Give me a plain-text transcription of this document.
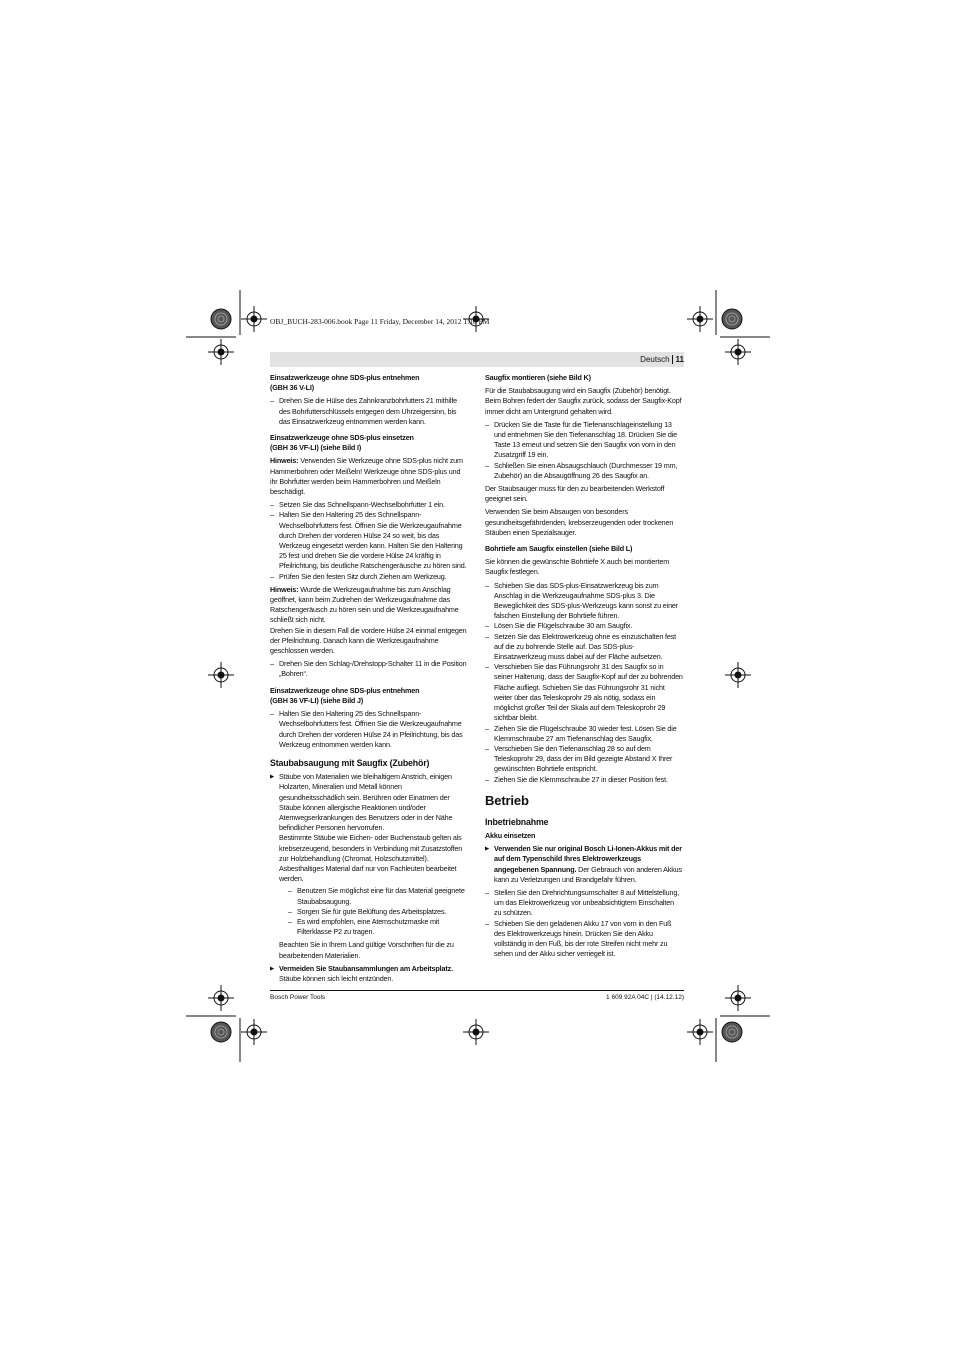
OBJ_BUCH-283-006.book Page 11 Friday, December 14, 2012 1:10 PM
Deutsch 11

Einsatzwerkzeuge ohne SDS-plus entnehmen
(GBH 36 V-LI)

– Drehen Sie die Hülse des Zahnkranzbohrfutters 21 mithilfe des Bohrfutterschlüssels entgegen dem Uhrzeigersinn, bis das Einsatzwerkzeug entnommen werden kann.

Einsatzwerkzeuge ohne SDS-plus einsetzen
(GBH 36 VF-LI) (siehe Bild I)

Hinweis: Verwenden Sie Werkzeuge ohne SDS-plus nicht zum Hammerbohren oder Meißeln! Werkzeuge ohne SDS-plus und ihr Bohrfutter werden beim Hammerbohren und Meißeln beschädigt.

– Setzen Sie das Schnellspann-Wechselbohrfutter 1 ein.
– Halten Sie den Haltering 25 des Schnellspann-Wechselbohrfutters fest. Öffnen Sie die Werkzeugaufnahme durch Drehen der vorderen Hülse 24 so weit, bis das Werkzeug eingesetzt werden kann. Halten Sie den Haltering 25 fest und drehen Sie die vordere Hülse 24 kräftig in Pfeilrichtung, bis deutliche Ratschengeräusche zu hören sind.
– Prüfen Sie den festen Sitz durch Ziehen am Werkzeug.

Hinweis: Wurde die Werkzeugaufnahme bis zum Anschlag geöffnet, kann beim Zudrehen der Werkzeugaufnahme das Ratschengeräusch zu hören sein und die Werkzeugaufnahme schließt sich nicht.
Drehen Sie in diesem Fall die vordere Hülse 24 einmal entgegen der Pfeilrichtung. Danach kann die Werkzeugaufnahme geschlossen werden.

– Drehen Sie den Schlag-/Drehstopp-Schalter 11 in die Position „Bohren“.

Einsatzwerkzeuge ohne SDS-plus entnehmen
(GBH 36 VF-LI) (siehe Bild J)

– Halten Sie den Haltering 25 des Schnellspann-Wechselbohrfutters fest. Öffnen Sie die Werkzeugaufnahme durch Drehen der vorderen Hülse 24 in Pfeilrichtung, bis das Werkzeug entnommen werden kann.

Staubabsaugung mit Saugfix (Zubehör)

▶ Stäube von Materialien wie bleihaltigem Anstrich, einigen Holzarten, Mineralien und Metall können gesundheitsschädlich sein. Berühren oder Einatmen der Stäube können allergische Reaktionen und/oder Atemwegserkrankungen des Benutzers oder in der Nähe befindlicher Personen hervorrufen.
Bestimmte Stäube wie Eichen- oder Buchenstaub gelten als krebserzeugend, besonders in Verbindung mit Zusatzstoffen zur Holzbehandlung (Chromat, Holzschutzmittel). Asbesthaltiges Material darf nur von Fachleuten bearbeitet werden.
– Benutzen Sie möglichst eine für das Material geeignete Staubabsaugung.
– Sorgen Sie für gute Belüftung des Arbeitsplatzes.
– Es wird empfohlen, eine Atemschutzmaske mit Filterklasse P2 zu tragen.
Beachten Sie in Ihrem Land gültige Vorschriften für die zu bearbeitenden Materialien.
▶ Vermeiden Sie Staubansammlungen am Arbeitsplatz. Stäube können sich leicht entzünden.

Saugfix montieren (siehe Bild K)

Für die Staubabsaugung wird ein Saugfix (Zubehör) benötigt. Beim Bohren federt der Saugfix zurück, sodass der Saugfix-Kopf immer dicht am Untergrund gehalten wird.

– Drücken Sie die Taste für die Tiefenanschlageinstellung 13 und entnehmen Sie den Tiefenanschlag 18. Drücken Sie die Taste 13 erneut und setzen Sie den Saugfix von vorn in den Zusatzgriff 19 ein.
– Schließen Sie einen Absaugschlauch (Durchmesser 19 mm, Zubehör) an die Absaugöffnung 26 des Saugfix an.

Der Staubsauger muss für den zu bearbeitenden Werkstoff geeignet sein.

Verwenden Sie beim Absaugen von besonders gesundheitsgefährdenden, krebserzeugenden oder trockenen Stäuben einen Spezialsauger.

Bohrtiefe am Saugfix einstellen (siehe Bild L)

Sie können die gewünschte Bohrtiefe X auch bei montiertem Saugfix festlegen.

– Schieben Sie das SDS-plus-Einsatzwerkzeug bis zum Anschlag in die Werkzeugaufnahme SDS-plus 3. Die Beweglichkeit des SDS-plus-Werkzeugs kann sonst zu einer falschen Einstellung der Bohrtiefe führen.
– Lösen Sie die Flügelschraube 30 am Saugfix.
– Setzen Sie das Elektrowerkzeug ohne es einzuschalten fest auf die zu bohrende Stelle auf. Das SDS-plus-Einsatzwerkzeug muss dabei auf der Fläche aufsetzen.
– Verschieben Sie das Führungsrohr 31 des Saugfix so in seiner Halterung, dass der Saugfix-Kopf auf der zu bohrenden Fläche aufliegt. Schieben Sie das Führungsrohr 31 nicht weiter über das Teleskoprohr 29 als nötig, sodass ein möglichst großer Teil der Skala auf dem Teleskoprohr 29 sichtbar bleibt.
– Ziehen Sie die Flügelschraube 30 wieder fest. Lösen Sie die Klemmschraube 27 am Tiefenanschlag des Saugfix.
– Verschieben Sie den Tiefenanschlag 28 so auf dem Teleskoprohr 29, dass der im Bild gezeigte Abstand X Ihrer gewünschten Bohrtiefe entspricht.
– Ziehen Sie die Klemmschraube 27 in dieser Position fest.

Betrieb

Inbetriebnahme

Akku einsetzen

▶ Verwenden Sie nur original Bosch Li-Ionen-Akkus mit der auf dem Typenschild Ihres Elektrowerkzeugs angegebenen Spannung. Der Gebrauch von anderen Akkus kann zu Verletzungen und Brandgefahr führen.
– Stellen Sie den Drehrichtungsumschalter 8 auf Mittelstellung, um das Elektrowerkzeug vor unbeabsichtigtem Einschalten zu schützen.
– Schieben Sie den geladenen Akku 17 von vorn in den Fuß des Elektrowerkzeugs hinein. Drücken Sie den Akku vollständig in den Fuß, bis der rote Streifen nicht mehr zu sehen und der Akku sicher verriegelt ist.
Bosch Power Tools	1 609 92A 04C | (14.12.12)
